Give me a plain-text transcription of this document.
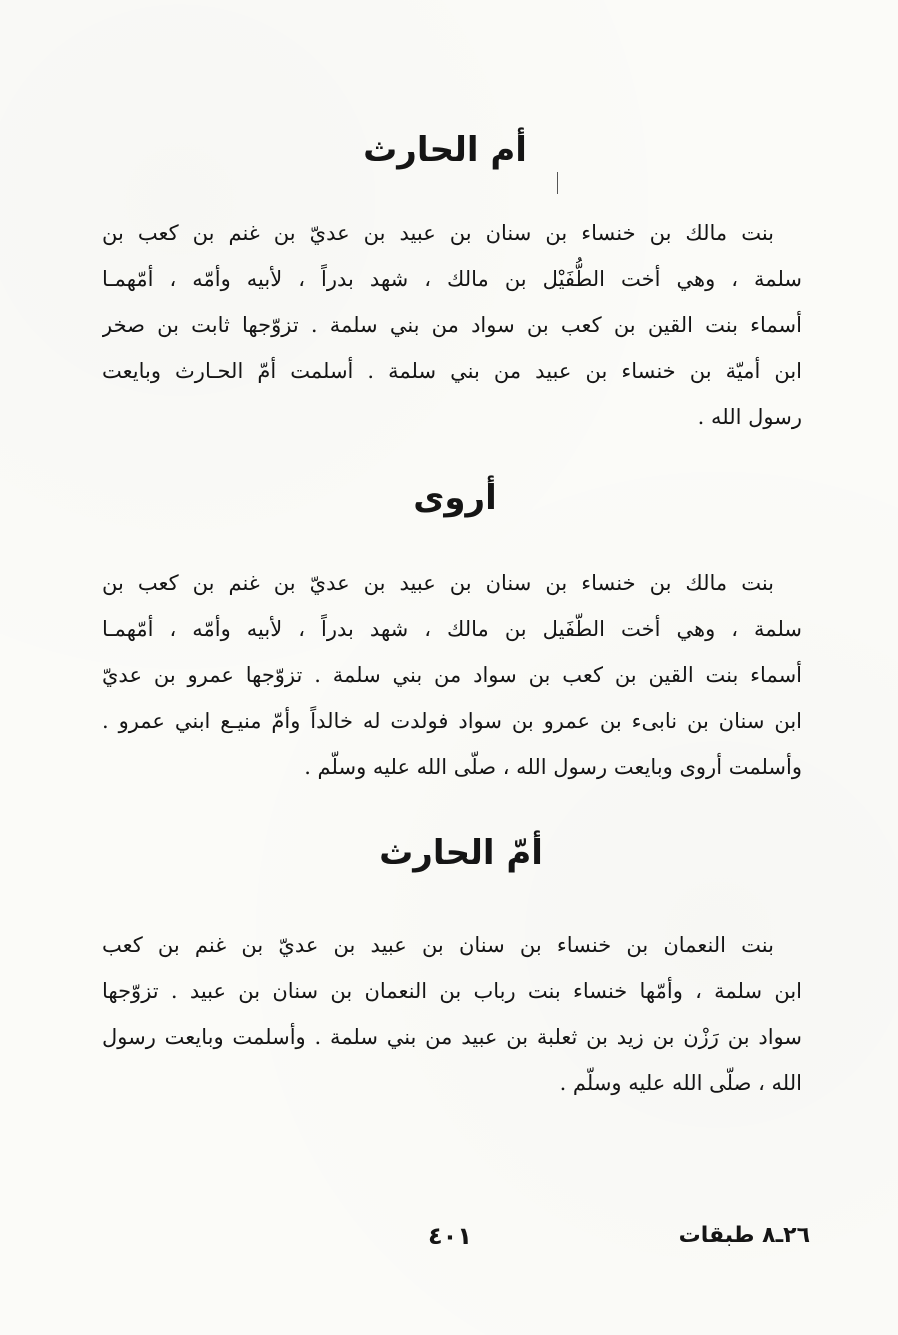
أم الحارث
بنت مالك بن خنساء بن سنان بن عبيد بن عديّ بن غنم بن كعب بن
سلمة ، وهي أخت الطُّفَيْل بن مالك ، شهد بدراً ، لأبيه وأمّه ، أمّهمـا
أسماء بنت القين بن كعب بن سواد من بني سلمة . تزوّجها ثابت بن صخر
ابن أميّة بن خنساء بن عبيد من بني سلمة . أسلمت أمّ الحـارث وبايعت
رسول الله .
أروى
بنت مالك بن خنساء بن سنان بن عبيد بن عديّ بن غنم بن كعب بن
سلمة ، وهي أخت الطّفَيل بن مالك ، شهد بدراً ، لأبيه وأمّه ، أمّهمـا
أسماء بنت القين بن كعب بن سواد من بني سلمة . تزوّجها عمرو بن عديّ
ابن سنان بن نابىء بن عمرو بن سواد فولدت له خالداً وأمّ منيـع ابني عمرو .
وأسلمت أروى وبايعت رسول الله ، صلّى الله عليه وسلّم .
أمّ الحارث
بنت النعمان بن خنساء بن سنان بن عبيد بن عديّ بن غنم بن كعب
ابن سلمة ، وأمّها خنساء بنت رباب بن النعمان بن سنان بن عبيد . تزوّجها
سواد بن رَزْن بن زيد بن ثعلبة بن عبيد من بني سلمة . وأسلمت وبايعت رسول
الله ، صلّى الله عليه وسلّم .
٤٠١	٢٦ـ٨ طبقات
